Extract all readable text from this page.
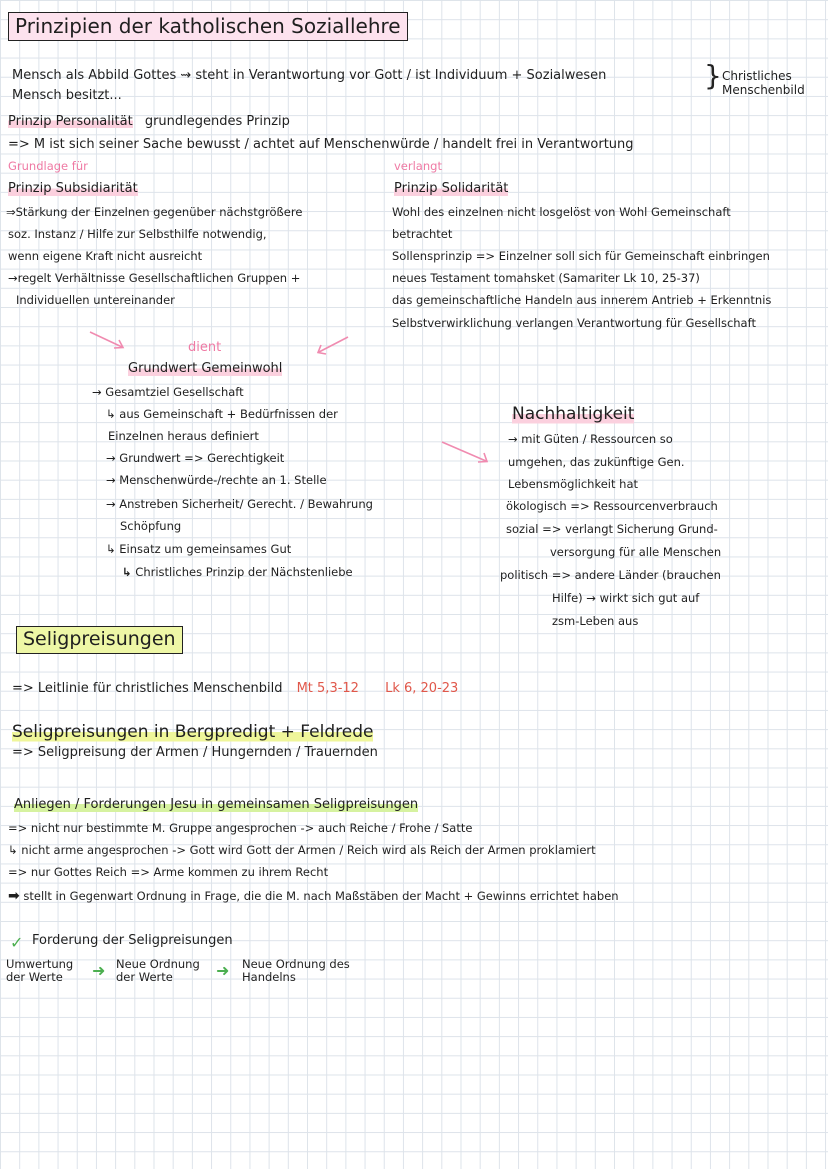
Prinzipien der katholischen Soziallehre
Mensch als Abbild Gottes ⇝ steht in Verantwortung vor Gott / ist Individuum + Sozialwesen	} Christliches Menschenbild
Mensch besitzt...
Prinzip Personalität grundlegendes Prinzip
=> M ist sich seiner Sache bewusst / achtet auf Menschenwürde / handelt frei in Verantwortung
Grundlage für	verlangt
Prinzip Subsidiarität
⇒Stärkung der Einzelnen gegenüber nächstgrößere
soz. Instanz / Hilfe zur Selbsthilfe notwendig,
wenn eigene Kraft nicht ausreicht
→regelt Verhältnisse Gesellschaftlichen Gruppen +
Individuellen untereinander
Prinzip Solidarität
Wohl des einzelnen nicht losgelöst von Wohl Gemeinschaft
betrachtet
Sollensprinzip => Einzelner soll sich für Gemeinschaft einbringen
neues Testament tomahsket (Samariter Lk 10, 25-37)
das gemeinschaftliche Handeln aus innerem Antrieb + Erkenntnis
Selbstverwirklichung verlangen Verantwortung für Gesellschaft
dient
Grundwert Gemeinwohl
→ Gesamtziel Gesellschaft
↳ aus Gemeinschaft + Bedürfnissen der
Einzelnen heraus definiert
→ Grundwert => Gerechtigkeit
→ Menschenwürde-/rechte an 1. Stelle
→ Anstreben Sicherheit/ Gerecht. / Bewahrung
Schöpfung
↳ Einsatz um gemeinsames Gut
↳ Christliches Prinzip der Nächstenliebe
Nachhaltigkeit
→ mit Güten / Ressourcen so
umgehen, das zukünftige Gen.
Lebensmöglichkeit hat
ökologisch => Ressourcenverbrauch
sozial => verlangt Sicherung Grund-
versorgung für alle Menschen
politisch => andere Länder (brauchen
Hilfe) → wirkt sich gut auf
zsm-Leben aus
Seligpreisungen
=> Leitlinie für christliches Menschenbild Mt 5,3-12 Lk 6, 20-23
Seligpreisungen in Bergpredigt + Feldrede
=> Seligpreisung der Armen / Hungernden / Trauernden
Anliegen / Forderungen Jesu in gemeinsamen Seligpreisungen
=> nicht nur bestimmte M. Gruppe angesprochen -> auch Reiche / Frohe / Satte
↳ nicht arme angesprochen -> Gott wird Gott der Armen / Reich wird als Reich der Armen proklamiert
=> nur Gottes Reich => Arme kommen zu ihrem Recht
➡ stellt in Gegenwart Ordnung in Frage, die die M. nach Maßstäben der Macht + Gewinns errichtet haben
✓ Forderung der Seligpreisungen
Umwertung der Werte	➜ Neue Ordnung der Werte	➜ Neue Ordnung des Handelns
